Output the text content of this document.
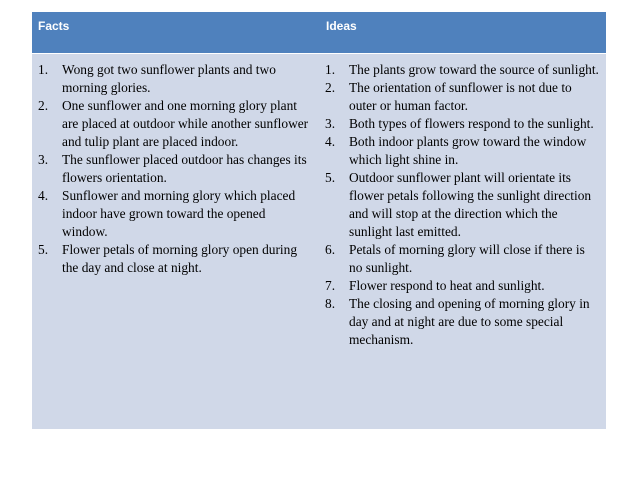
Facts	Ideas
1. Wong got two sunflower plants and two morning glories.
2. One sunflower and one morning glory plant are placed at outdoor while another sunflower and tulip plant are placed indoor.
3. The sunflower placed outdoor has changes its flowers orientation.
4. Sunflower and morning glory which placed indoor have grown toward the opened window.
5. Flower petals of morning glory open during the day and close at night.
1. The plants grow toward the source of sunlight.
2. The orientation of sunflower is not due to outer or human factor.
3. Both types of flowers respond to the sunlight.
4. Both indoor plants grow toward the window which light shine in.
5. Outdoor sunflower plant will orientate its flower petals following the sunlight direction and will stop at the direction which the sunlight last emitted.
6. Petals of morning glory will close if there is no sunlight.
7. Flower respond to heat and sunlight.
8. The closing and opening of morning glory in day and at night are due to some special mechanism.
